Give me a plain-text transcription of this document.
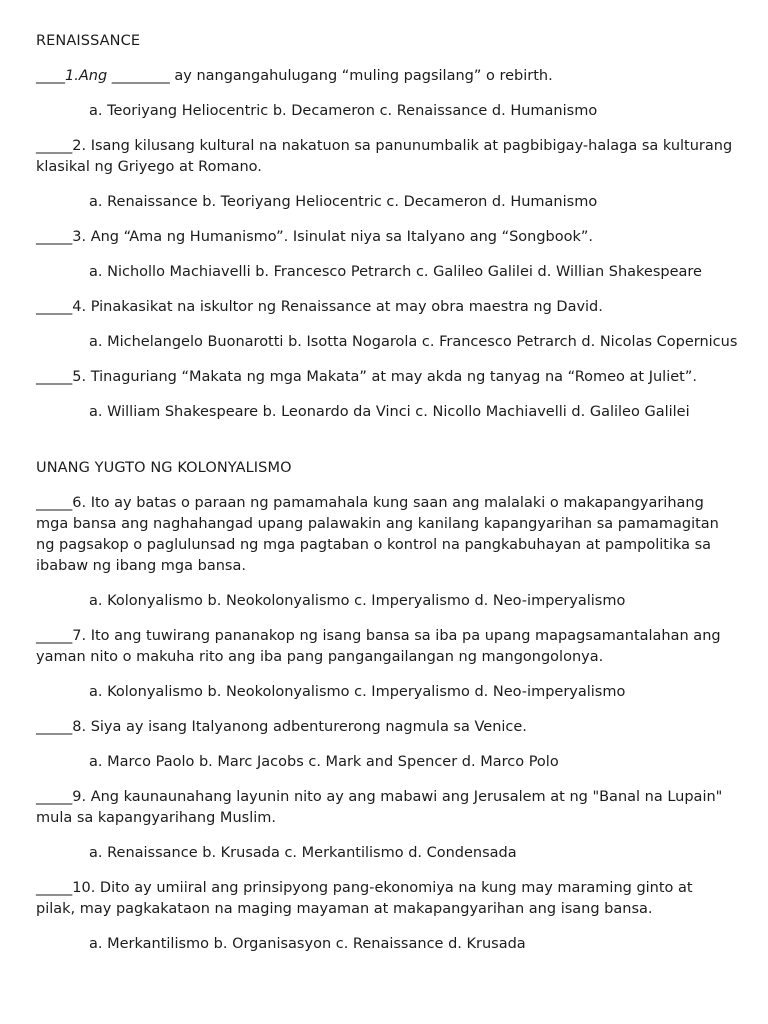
RENAISSANCE

____1.Ang ________ ay nangangahulugang “muling pagsilang” o rebirth.

a. Teoriyang Heliocentric b. Decameron c. Renaissance d. Humanismo

_____2. Isang kilusang kultural na nakatuon sa panunumbalik at pagbibigay-halaga sa kulturang klasikal ng Griyego at Romano.

a. Renaissance b. Teoriyang Heliocentric c. Decameron d. Humanismo

_____3. Ang “Ama ng Humanismo”. Isinulat niya sa Italyano ang “Songbook”.

a. Nichollo Machiavelli b. Francesco Petrarch c. Galileo Galilei d. Willian Shakespeare

_____4. Pinakasikat na iskultor ng Renaissance at may obra maestra ng David.

a. Michelangelo Buonarotti b. Isotta Nogarola c. Francesco Petrarch d. Nicolas Copernicus

_____5. Tinaguriang “Makata ng mga Makata” at may akda ng tanyag na “Romeo at Juliet”.

a. William Shakespeare b. Leonardo da Vinci c. Nicollo Machiavelli d. Galileo Galilei

UNANG YUGTO NG KOLONYALISMO

_____6. Ito ay batas o paraan ng pamamahala kung saan ang malalaki o makapangyarihang mga bansa ang naghahangad upang palawakin ang kanilang kapangyarihan sa pamamagitan ng pagsakop o paglulunsad ng mga pagtaban o kontrol na pangkabuhayan at pampolitika sa ibabaw ng ibang mga bansa.

a. Kolonyalismo b. Neokolonyalismo c. Imperyalismo d. Neo-imperyalismo

_____7. Ito ang tuwirang pananakop ng isang bansa sa iba pa upang mapagsamantalahan ang yaman nito o makuha rito ang iba pang pangangailangan ng mangongolonya.

a. Kolonyalismo b. Neokolonyalismo c. Imperyalismo d. Neo-imperyalismo

_____8. Siya ay isang Italyanong adbenturerong nagmula sa Venice.

a. Marco Paolo b. Marc Jacobs c. Mark and Spencer d. Marco Polo

_____9. Ang kaunaunahang layunin nito ay ang mabawi ang Jerusalem at ng "Banal na Lupain" mula sa kapangyarihang Muslim.

a. Renaissance b. Krusada c. Merkantilismo d. Condensada

_____10. Dito ay umiiral ang prinsipyong pang-ekonomiya na kung may maraming ginto at pilak, may pagkakataon na maging mayaman at makapangyarihan ang isang bansa.

a. Merkantilismo b. Organisasyon c. Renaissance d. Krusada
